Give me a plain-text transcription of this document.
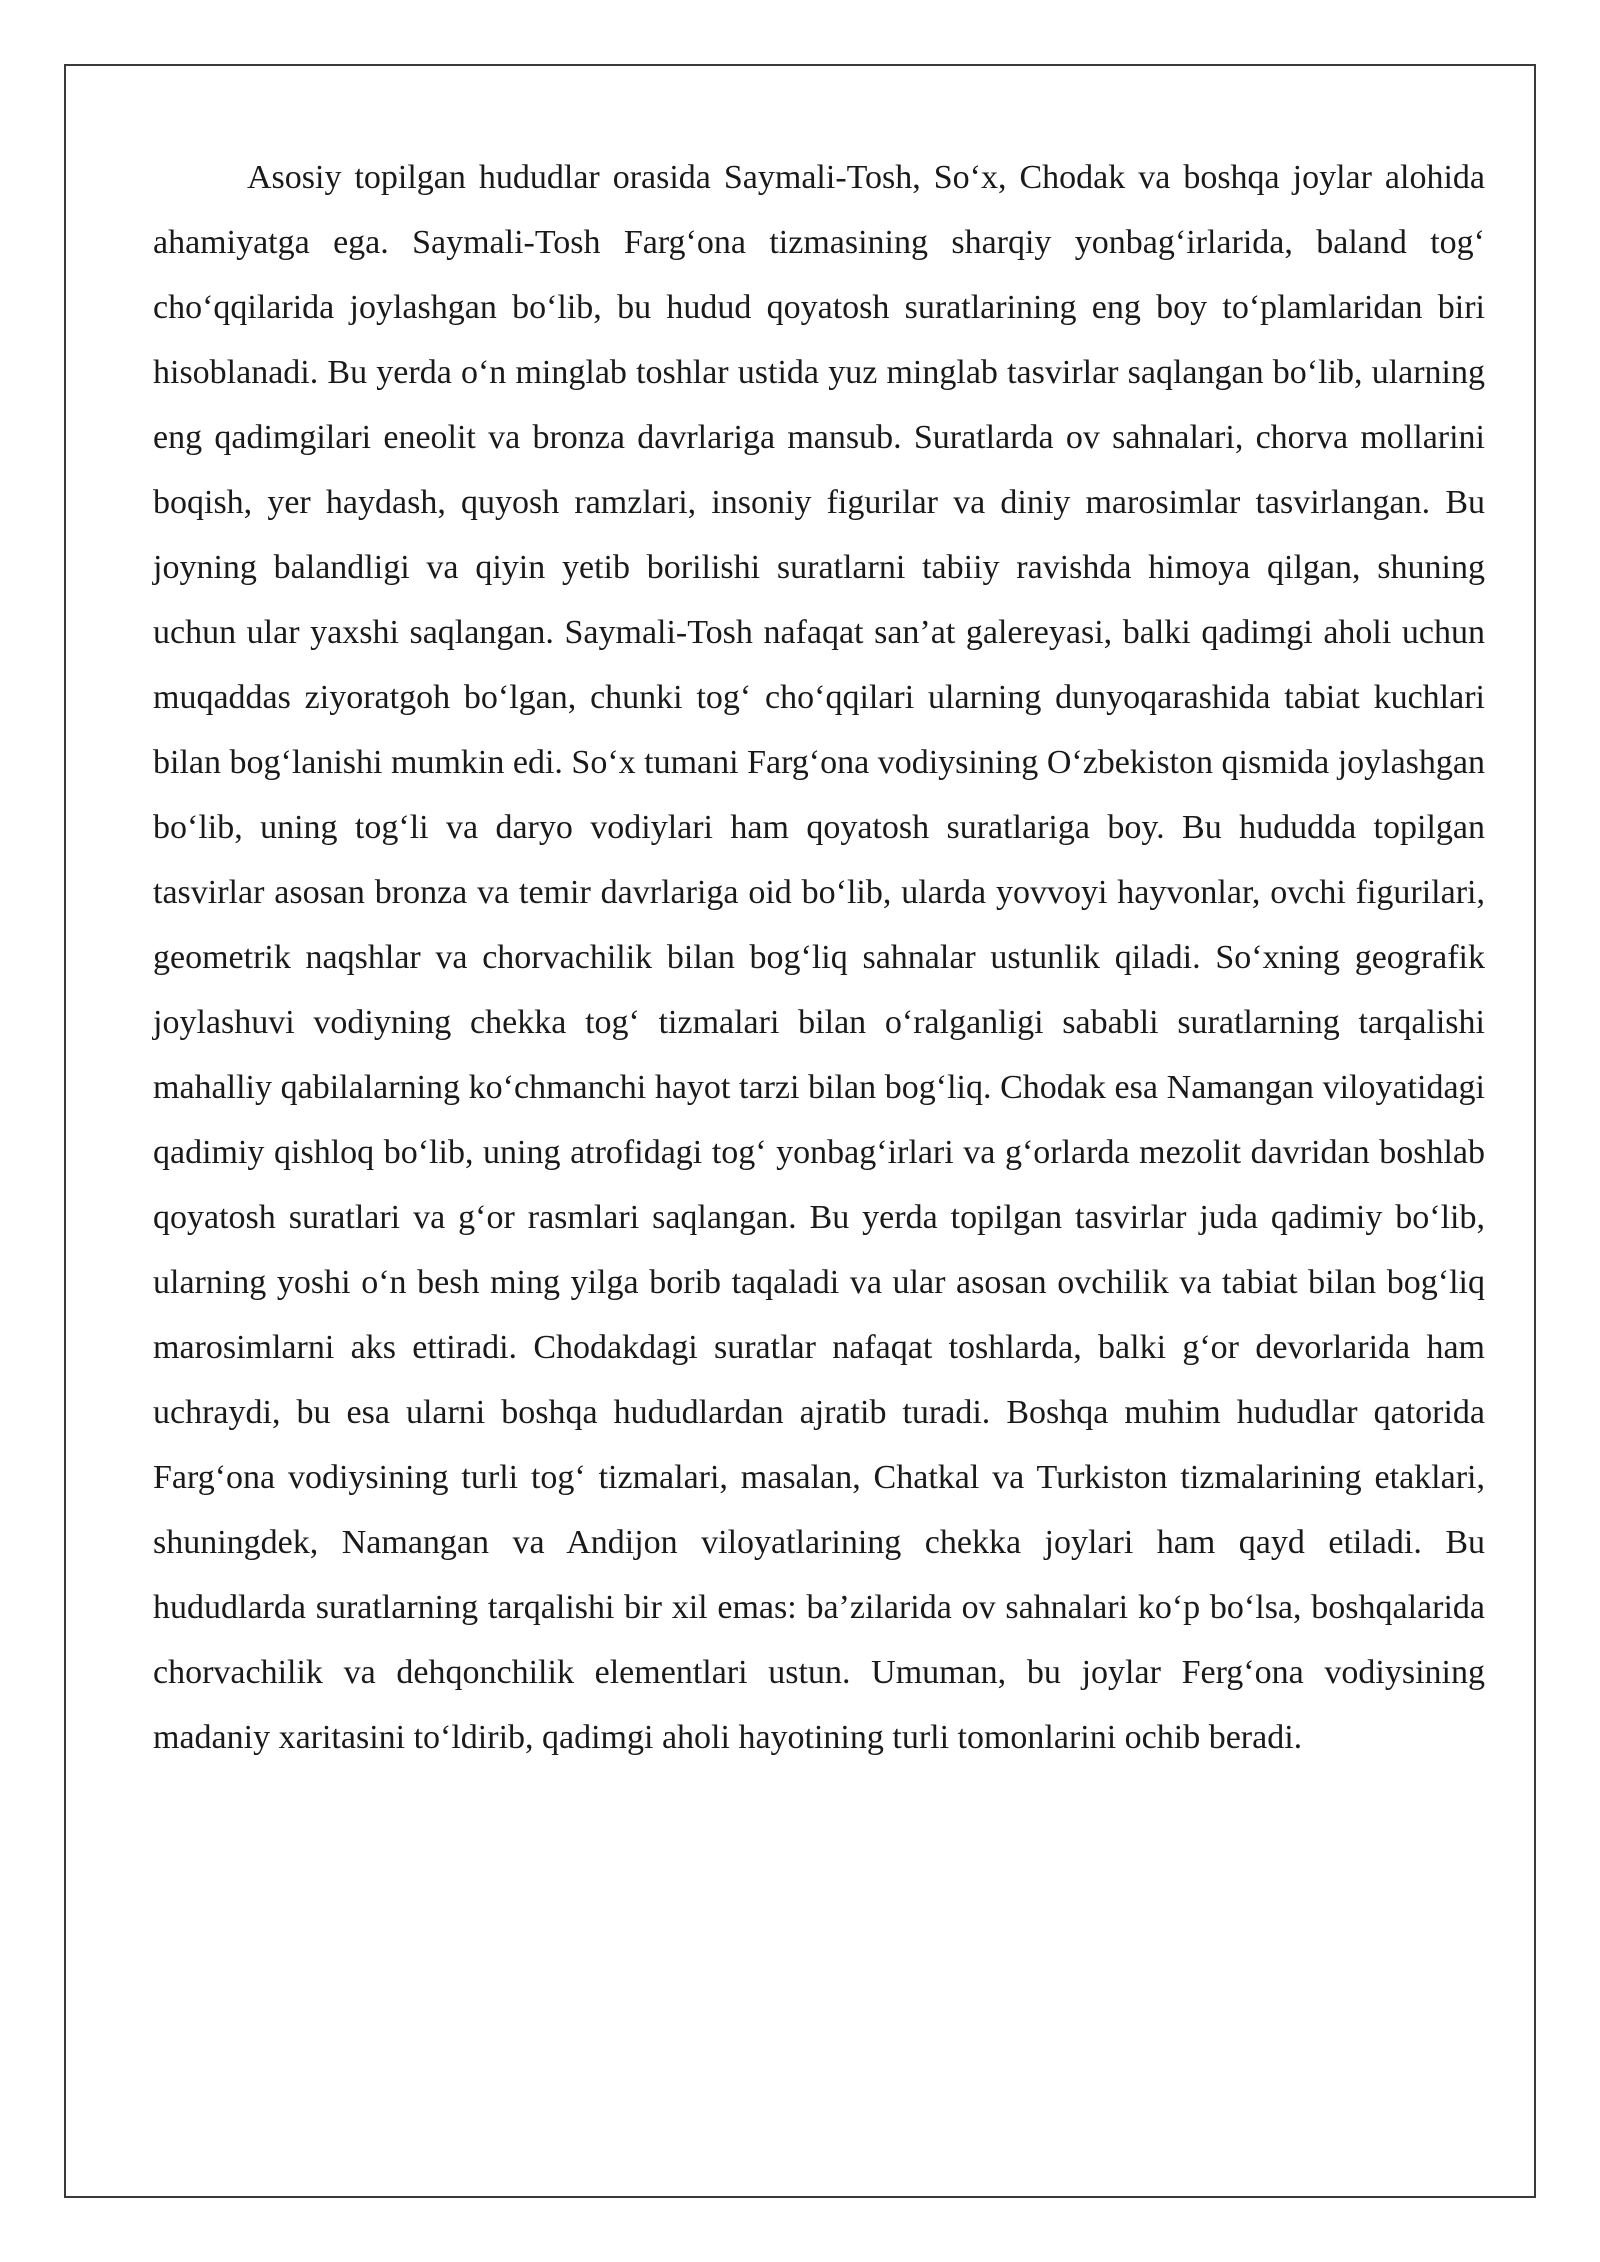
Asosiy topilgan hududlar orasida Saymali-Tosh, So‘x, Chodak va boshqa joylar alohida ahamiyatga ega. Saymali-Tosh Farg‘ona tizmasining sharqiy yonbag‘irlarida, baland tog‘ cho‘qqilarida joylashgan bo‘lib, bu hudud qoyatosh suratlarining eng boy to‘plamlaridan biri hisoblanadi. Bu yerda o‘n minglab toshlar ustida yuz minglab tasvirlar saqlangan bo‘lib, ularning eng qadimgilari eneolit va bronza davrlariga mansub. Suratlarda ov sahnalari, chorva mollarini boqish, yer haydash, quyosh ramzlari, insoniy figurilar va diniy marosimlar tasvirlangan. Bu joyning balandligi va qiyin yetib borilishi suratlarni tabiiy ravishda himoya qilgan, shuning uchun ular yaxshi saqlangan. Saymali-Tosh nafaqat san’at galereyasi, balki qadimgi aholi uchun muqaddas ziyoratgoh bo‘lgan, chunki tog‘ cho‘qqilari ularning dunyoqarashida tabiat kuchlari bilan bog‘lanishi mumkin edi. So‘x tumani Farg‘ona vodiysining O‘zbekiston qismida joylashgan bo‘lib, uning tog‘li va daryo vodiylari ham qoyatosh suratlariga boy. Bu hududda topilgan tasvirlar asosan bronza va temir davrlariga oid bo‘lib, ularda yovvoyi hayvonlar, ovchi figurilari, geometrik naqshlar va chorvachilik bilan bog‘liq sahnalar ustunlik qiladi. So‘xning geografik joylashuvi vodiyning chekka tog‘ tizmalari bilan o‘ralganligi sababli suratlarning tarqalishi mahalliy qabilalarning ko‘chmanchi hayot tarzi bilan bog‘liq. Chodak esa Namangan viloyatidagi qadimiy qishloq bo‘lib, uning atrofidagi tog‘ yonbag‘irlari va g‘orlarda mezolit davridan boshlab qoyatosh suratlari va g‘or rasmlari saqlangan. Bu yerda topilgan tasvirlar juda qadimiy bo‘lib, ularning yoshi o‘n besh ming yilga borib taqaladi va ular asosan ovchilik va tabiat bilan bog‘liq marosimlarni aks ettiradi. Chodakdagi suratlar nafaqat toshlarda, balki g‘or devorlarida ham uchraydi, bu esa ularni boshqa hududlardan ajratib turadi. Boshqa muhim hududlar qatorida Farg‘ona vodiysining turli tog‘ tizmalari, masalan, Chatkal va Turkiston tizmalarining etaklari, shuningdek, Namangan va Andijon viloyatlarining chekka joylari ham qayd etiladi. Bu hududlarda suratlarning tarqalishi bir xil emas: ba’zilarida ov sahnalari ko‘p bo‘lsa, boshqalarida chorvachilik va dehqonchilik elementlari ustun. Umuman, bu joylar Ferg‘ona vodiysining madaniy xaritasini to‘ldirib, qadimgi aholi hayotining turli tomonlarini ochib beradi.
